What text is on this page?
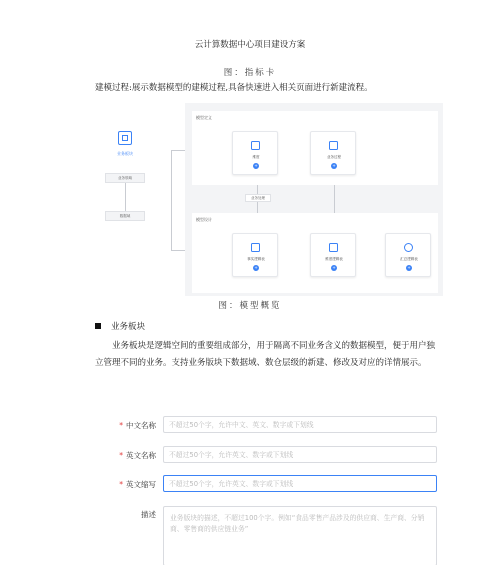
云计算数据中心项目建设方案
图：指标卡
建模过程:展示数据模型的建模过程,具备快速进入相关页面进行新建流程。
业务板块
业务领域
数据域
模型定义
维度
+
业务过程
+
业务处理
模型设计
事实逻辑表
+
维度逻辑表
+
汇总逻辑表
+
图：模型概览
业务板块
业务板块是逻辑空间的重要组成部分，用于隔离不同业务含义的数据模型，便于用户独立管理不同的业务。支持业务版块下数据域、数仓层级的新建、修改及对应的详情展示。
* 中文名称	不超过50个字，允许中文、英文、数字或下划线
* 英文名称	不超过50个字，允许英文、数字或下划线
* 英文缩写	不超过50个字，允许英文、数字或下划线
描述	业务版块的描述，不超过100个字。例如“食品零售产品涉及的供应商、生产商、分销商、零售商的供应链业务”
